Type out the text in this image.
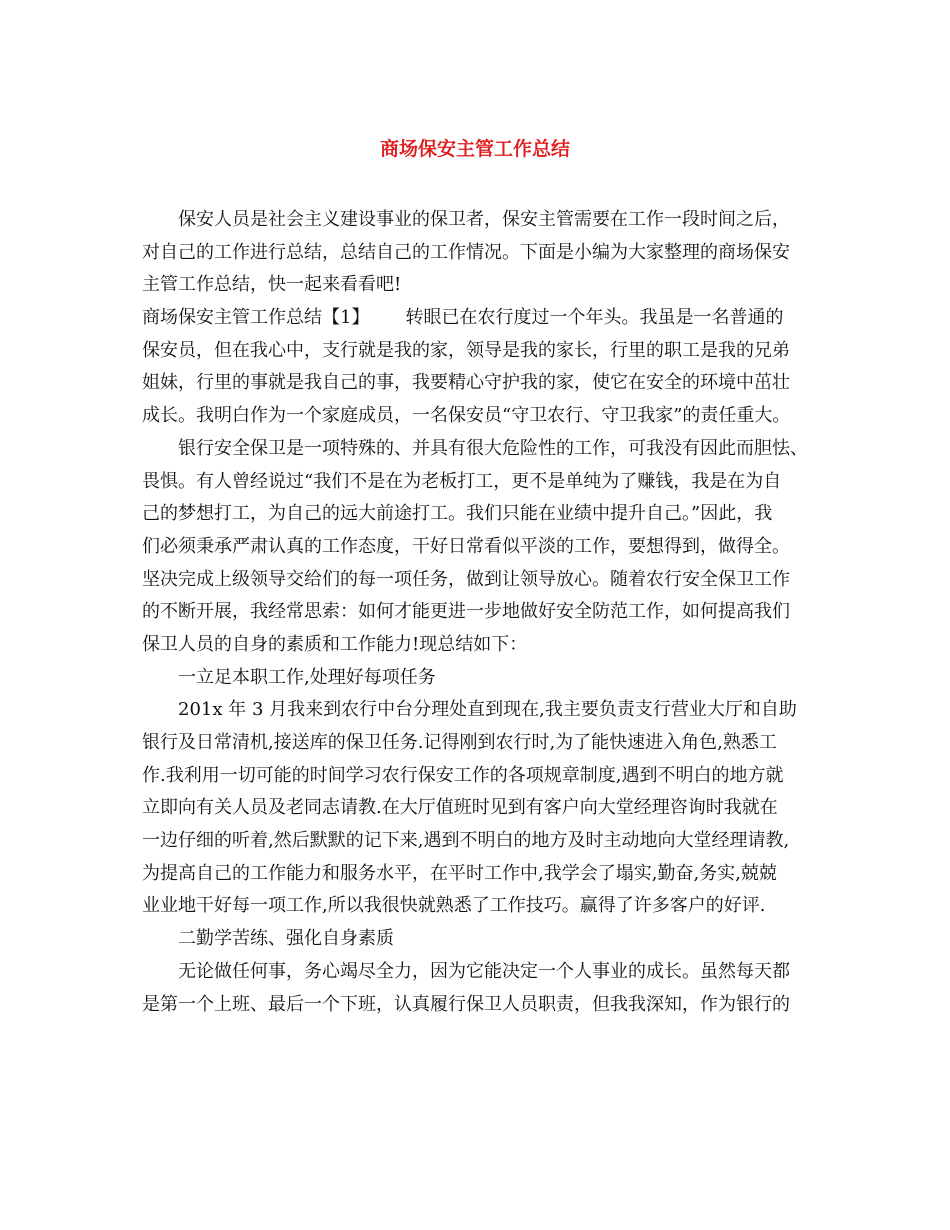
商场保安主管工作总结
保安人员是社会主义建设事业的保卫者，保安主管需要在工作一段时间之后，
对自己的工作进行总结，总结自己的工作情况。下面是小编为大家整理的商场保安
主管工作总结，快一起来看看吧!
商场保安主管工作总结【1】 转眼已在农行度过一个年头。我虽是一名普通的
保安员，但在我心中，支行就是我的家，领导是我的家长，行里的职工是我的兄弟
姐妹，行里的事就是我自己的事，我要精心守护我的家，使它在安全的环境中茁壮
成长。我明白作为一个家庭成员，一名保安员“守卫农行、守卫我家”的责任重大。
银行安全保卫是一项特殊的、并具有很大危险性的工作，可我没有因此而胆怯、
畏惧。有人曾经说过“我们不是在为老板打工，更不是单纯为了赚钱，我是在为自
己的梦想打工，为自己的远大前途打工。我们只能在业绩中提升自己。”因此，我
们必须秉承严肃认真的工作态度，干好日常看似平淡的工作，要想得到，做得全。
坚决完成上级领导交给们的每一项任务，做到让领导放心。随着农行安全保卫工作
的不断开展，我经常思索：如何才能更进一步地做好安全防范工作，如何提高我们
保卫人员的自身的素质和工作能力!现总结如下：
一立足本职工作,处理好每项任务
201x 年 3 月我来到农行中台分理处直到现在,我主要负责支行营业大厅和自助
银行及日常清机,接送库的保卫任务.记得刚到农行时,为了能快速进入角色,熟悉工
作.我利用一切可能的时间学习农行保安工作的各项规章制度,遇到不明白的地方就
立即向有关人员及老同志请教.在大厅值班时见到有客户向大堂经理咨询时我就在
一边仔细的听着,然后默默的记下来,遇到不明白的地方及时主动地向大堂经理请教,
为提高自己的工作能力和服务水平，在平时工作中,我学会了塌实,勤奋,务实,兢兢
业业地干好每一项工作,所以我很快就熟悉了工作技巧。赢得了许多客户的好评.
二勤学苦练、强化自身素质
无论做任何事，务心竭尽全力，因为它能决定一个人事业的成长。虽然每天都
是第一个上班、最后一个下班，认真履行保卫人员职责，但我我深知，作为银行的
